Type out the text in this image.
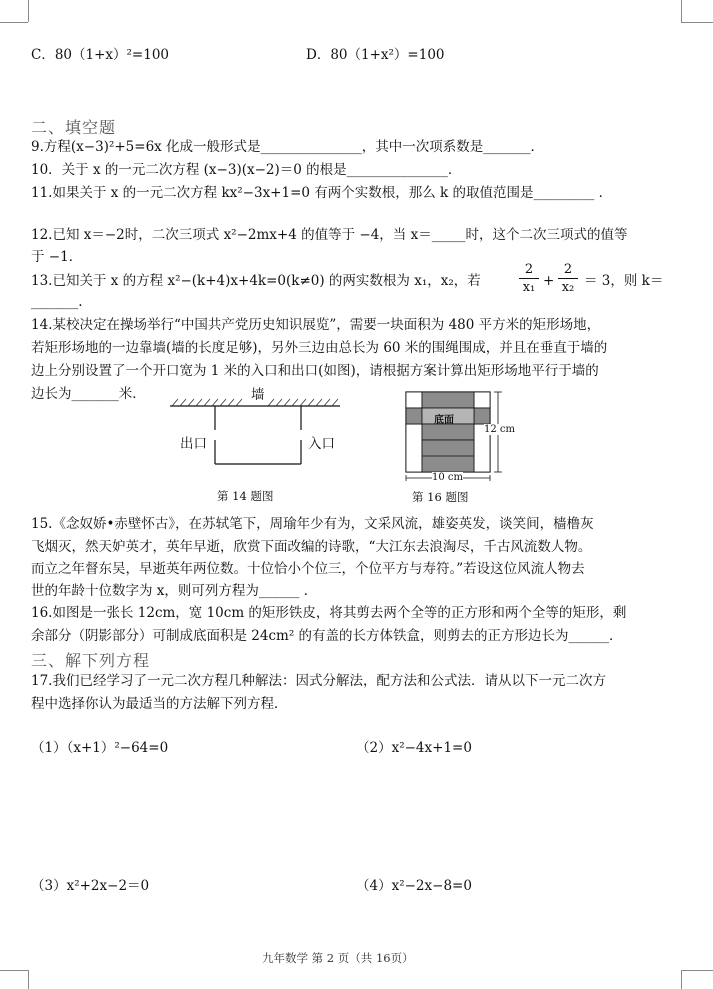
C．80（1+x）²=100	D．80（1+x²）=100
二、填空题
9.方程(x−3)²+5=6x 化成一般形式是_______________，其中一次项系数是_______．
10．关于 x 的一元二次方程 (x−3)(x−2)＝0 的根是_______________．
11.如果关于 x 的一元二次方程 kx²−3x+1=0 有两个实数根，那么 k 的取值范围是_________ ．
12.已知 x＝−2时，二次三项式 x²−2mx+4 的值等于 −4，当 x＝_____时，这个二次三项式的值等
于 −1．
13.已知关于 x 的方程 x²−(k+4)x+4k=0(k≠0) 的两实数根为 x₁，x₂，若
2
x₁ +
2
x₂ ＝ 3，则 k＝
_______.
14.某校决定在操场举行“中国共产党历史知识展览”，需要一块面积为 480 平方米的矩形场地，
若矩形场地的一边靠墙(墙的长度足够)，另外三边由总长为 60 米的围绳围成，并且在垂直于墙的
边上分别设置了一个开口宽为 1 米的入口和出口(如图)，请根据方案计算出矩形场地平行于墙的
边长为_______米．	墙
出口	入口
第 14 题图
底面
12 cm
10 cm
第 16 题图
15.《念奴娇•赤壁怀古》，在苏轼笔下，周瑜年少有为，文采风流，雄姿英发，谈笑间，樯橹灰
飞烟灭，然天妒英才，英年早逝，欣赏下面改编的诗歌，“大江东去浪淘尽，千古风流数人物。
而立之年督东吴，早逝英年两位数。十位恰小个位三，个位平方与寿符。”若设这位风流人物去
世的年龄十位数字为 x，则可列方程为______ ．
16.如图是一张长 12cm，宽 10cm 的矩形铁皮，将其剪去两个全等的正方形和两个全等的矩形，剩
余部分（阴影部分）可制成底面积是 24cm² 的有盖的长方体铁盒，则剪去的正方形边长为______．
三、解下列方程
17.我们已经学习了一元二次方程几种解法：因式分解法，配方法和公式法．请从以下一元二次方
程中选择你认为最适当的方法解下列方程．
（1）（x+1）²−64=0	（2）x²−4x+1=0
（3）x²+2x−2＝0	（4）x²−2x−8=0
九年数学 第 2 页（共 16页）
